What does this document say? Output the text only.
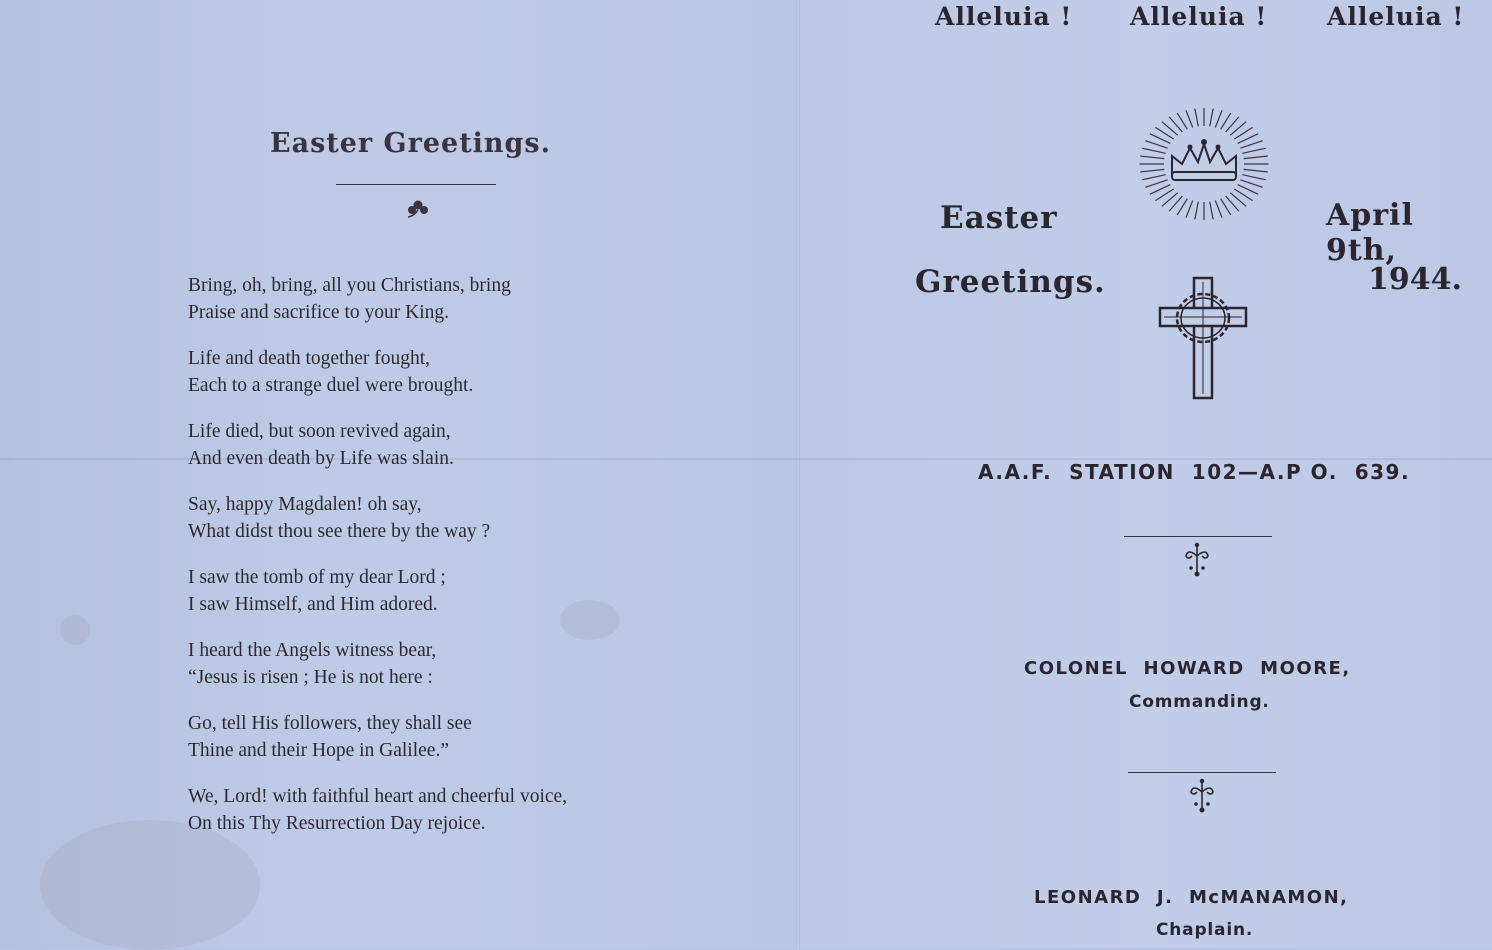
Easter Greetings.
Bring, oh, bring, all you Christians, bring
Praise and sacrifice to your King.
Life and death together fought,
Each to a strange duel were brought.
Life died, but soon revived again,
And even death by Life was slain.
Say, happy Magdalen! oh say,
What didst thou see there by the way ?
I saw the tomb of my dear Lord ;
I saw Himself, and Him adored.
I heard the Angels witness bear,
“Jesus is risen ; He is not here :
Go, tell His followers, they shall see
Thine and their Hope in Galilee.”
We, Lord! with faithful heart and cheerful voice,
On this Thy Resurrection Day rejoice.
Alleluia ! Alleluia ! Alleluia !
Easter
Greetings.
April 9th,
1944.
A.A.F.  STATION  102—A.P O.  639.
COLONEL  HOWARD  MOORE,
Commanding.
LEONARD  J.  McMANAMON,
Chaplain.
